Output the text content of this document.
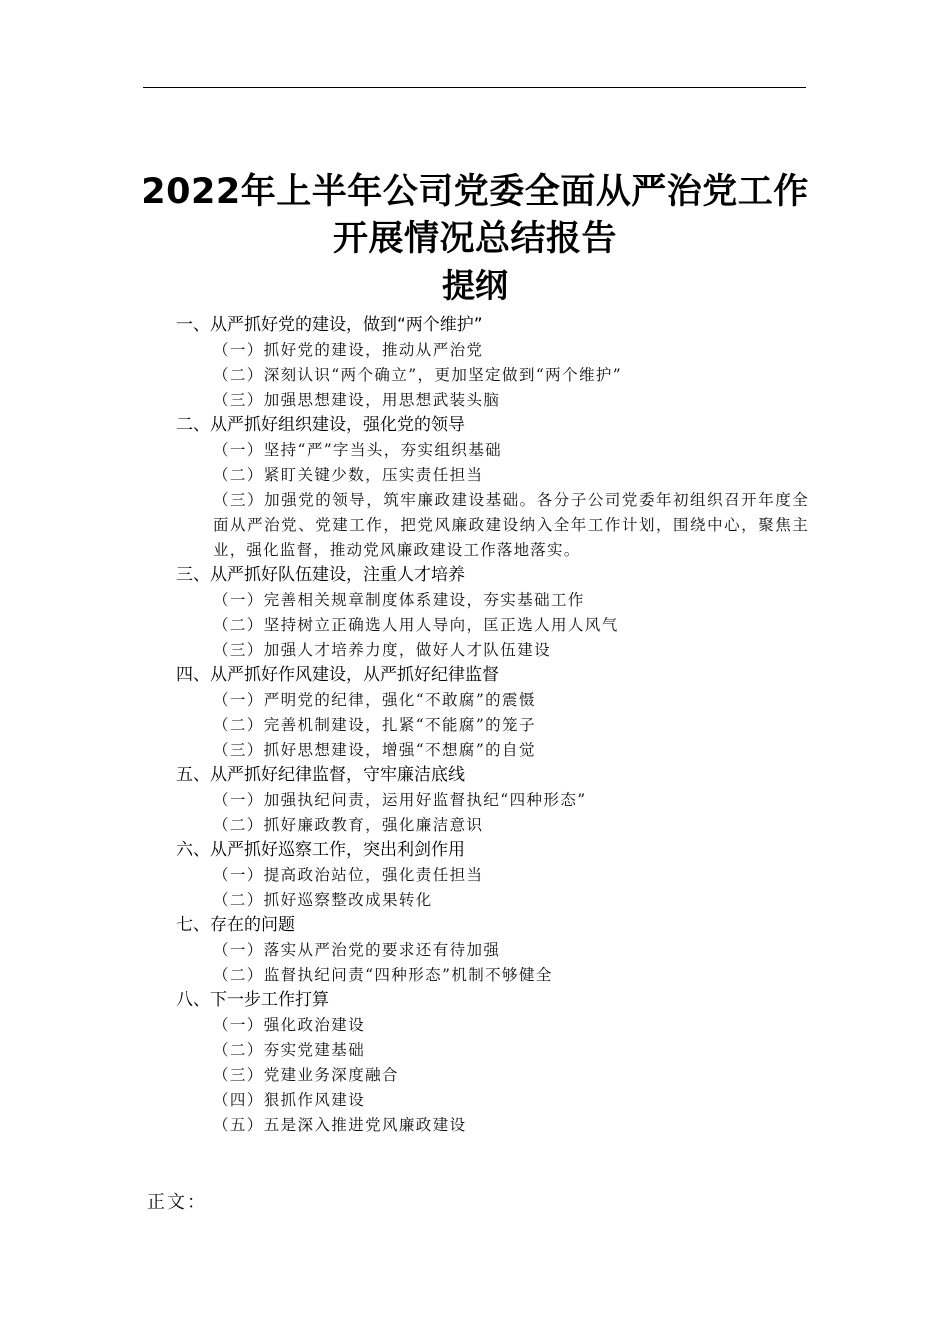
2022年上半年公司党委全面从严治党工作
开展情况总结报告
提纲
一、从严抓好党的建设，做到“两个维护”
（一）抓好党的建设，推动从严治党
（二）深刻认识“两个确立”，更加坚定做到“两个维护”
（三）加强思想建设，用思想武装头脑
二、从严抓好组织建设，强化党的领导
（一）坚持“严”字当头，夯实组织基础
（二）紧盯关键少数，压实责任担当
（三）加强党的领导，筑牢廉政建设基础。各分子公司党委年初组织召开年度全面从严治党、党建工作，把党风廉政建设纳入全年工作计划，围绕中心，聚焦主业，强化监督，推动党风廉政建设工作落地落实。
三、从严抓好队伍建设，注重人才培养
（一）完善相关规章制度体系建设，夯实基础工作
（二）坚持树立正确选人用人导向，匡正选人用人风气
（三）加强人才培养力度，做好人才队伍建设
四、从严抓好作风建设，从严抓好纪律监督
（一）严明党的纪律，强化“不敢腐”的震慑
（二）完善机制建设，扎紧“不能腐”的笼子
（三）抓好思想建设，增强“不想腐”的自觉
五、从严抓好纪律监督，守牢廉洁底线
（一）加强执纪问责，运用好监督执纪“四种形态”
（二）抓好廉政教育，强化廉洁意识
六、从严抓好巡察工作，突出利剑作用
（一）提高政治站位，强化责任担当
（二）抓好巡察整改成果转化
七、存在的问题
（一）落实从严治党的要求还有待加强
（二）监督执纪问责“四种形态”机制不够健全
八、下一步工作打算
（一）强化政治建设
（二）夯实党建基础
（三）党建业务深度融合
（四）狠抓作风建设
（五）五是深入推进党风廉政建设
正文：
